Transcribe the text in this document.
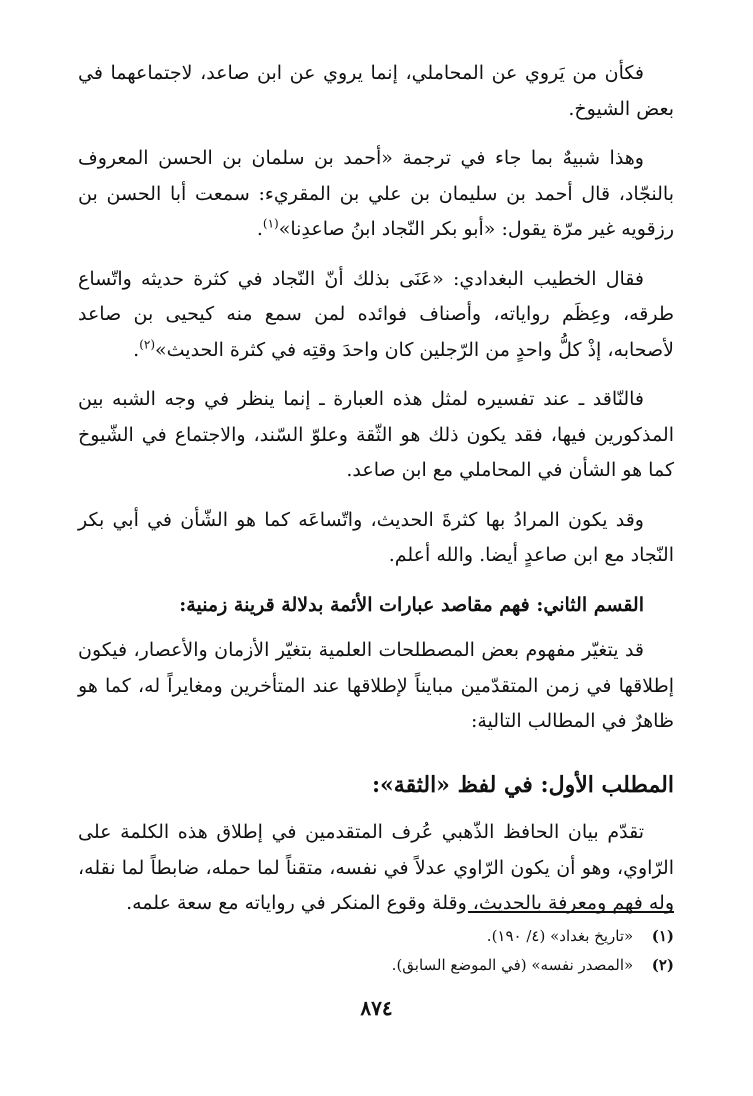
فكأن من يَروي عن المحاملي، إنما يروي عن ابن صاعد، لاجتماعهما في بعض الشيوخ.

وهذا شبيهٌ بما جاء في ترجمة «أحمد بن سلمان بن الحسن المعروف بالنجّاد، قال أحمد بن سليمان بن علي بن المقريء: سمعت أبا الحسن بن رزقويه غير مرّة يقول: «أبو بكر النّجاد ابنُ صاعدِنا»$^{(١)}$.

فقال الخطيب البغدادي: «عَنَى بذلك أنّ النّجاد في كثرة حديثه واتّساع طرقه، وعِظَم رواياته، وأصناف فوائده لمن سمع منه كيحيى بن صاعد لأصحابه، إذْ كلُّ واحدٍ من الرّجلين كان واحدَ وقتِه في كثرة الحديث»$^{(٢)}$.

فالنّاقد ـ عند تفسيره لمثل هذه العبارة ـ إنما ينظر في وجه الشبه بين المذكورين فيها، فقد يكون ذلك هو الثّقة وعلوّ السّند، والاجتماع في الشّيوخ كما هو الشأن في المحاملي مع ابن صاعد.

وقد يكون المرادُ بها كثرةَ الحديث، واتّساعَه كما هو الشّأن في أبي بكر النّجاد مع ابن صاعدٍ أيضا. والله أعلم.

القسم الثاني: فهم مقاصد عبارات الأئمة بدلالة قرينة زمنية:

قد يتغيّر مفهوم بعض المصطلحات العلمية بتغيّر الأزمان والأعصار، فيكون إطلاقها في زمن المتقدّمين مبايناً لإطلاقها عند المتأخرين ومغايراً له، كما هو ظاهرٌ في المطالب التالية:

المطلب الأول: في لفظ «الثقة»:

تقدّم بيان الحافظ الذّهبي عُرف المتقدمين في إطلاق هذه الكلمة على الرّاوي، وهو أن يكون الرّاوي عدلاً في نفسه، متقناً لما حمله، ضابطاً لما نقله، وله فهم ومعرفة بالحديث، وقلة وقوع المنكر في رواياته مع سعة علمه.

(١) «تاريخ بغداد» (٤/ ١٩٠).
(٢) «المصدر نفسه» (في الموضع السابق).
٨٧٤
